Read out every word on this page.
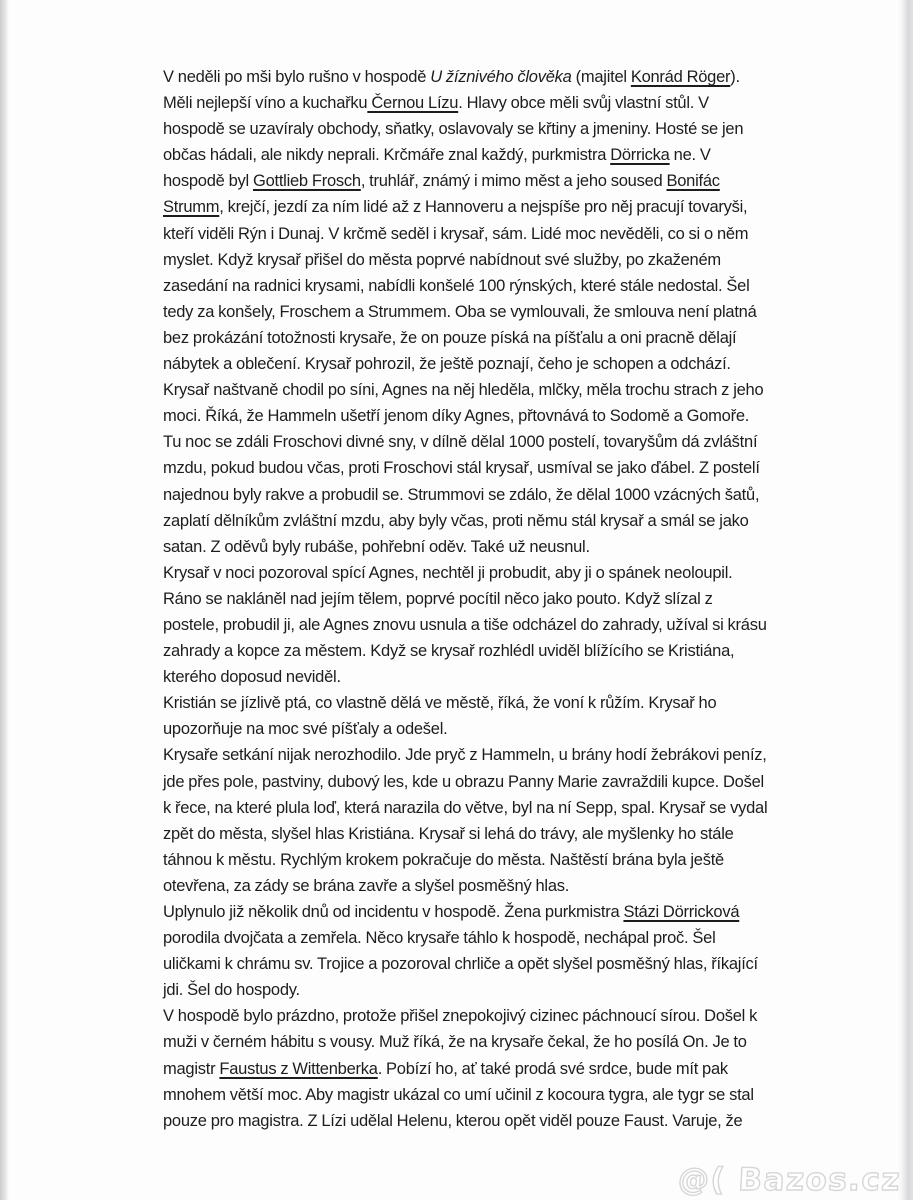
V neděli po mši bylo rušno v hospodě U žíznivého člověka (majitel Konrád Röger).
Měli nejlepší víno a kuchařku Černou Lízu. Hlavy obce měli svůj vlastní stůl. V
hospodě se uzavíraly obchody, sňatky, oslavovaly se křtiny a jmeniny. Hosté se jen
občas hádali, ale nikdy neprali. Krčmáře znal každý, purkmistra Dörricka ne. V
hospodě byl Gottlieb Frosch, truhlář, známý i mimo měst a jeho soused Bonifác
Strumm, krejčí, jezdí za ním lidé až z Hannoveru a nejspíše pro něj pracují tovaryši,
kteří viděli Rýn i Dunaj. V krčmě seděl i krysař, sám. Lidé moc nevěděli, co si o něm
myslet. Když krysař přišel do města poprvé nabídnout své služby, po zkaženém
zasedání na radnici krysami, nabídli konšelé 100 rýnských, které stále nedostal. Šel
tedy za konšely, Froschem a Strummem. Oba se vymlouvali, že smlouva není platná
bez prokázání totožnosti krysaře, že on pouze píská na píšťalu a oni pracně dělají
nábytek a oblečení. Krysař pohrozil, že ještě poznají, čeho je schopen a odchází.
Krysař naštvaně chodil po síni, Agnes na něj hleděla, mlčky, měla trochu strach z jeho
moci. Říká, že Hammeln ušetří jenom díky Agnes, přtovnává to Sodomě a Gomoře.
Tu noc se zdáli Froschovi divné sny, v dílně dělal 1000 postelí, tovaryšům dá zvláštní
mzdu, pokud budou včas, proti Froschovi stál krysař, usmíval se jako ďábel. Z postelí
najednou byly rakve a probudil se. Strummovi se zdálo, že dělal 1000 vzácných šatů,
zaplatí dělníkům zvláštní mzdu, aby byly včas, proti němu stál krysař a smál se jako
satan. Z oděvů byly rubáše, pohřební oděv. Také už neusnul.
Krysař v noci pozoroval spící Agnes, nechtěl ji probudit, aby ji o spánek neoloupil.
Ráno se nakláněl nad jejím tělem, poprvé pocítil něco jako pouto. Když slízal z
postele, probudil ji, ale Agnes znovu usnula a tiše odcházel do zahrady, užíval si krásu
zahrady a kopce za městem. Když se krysař rozhlédl uviděl blížícího se Kristiána,
kterého doposud neviděl.
Kristián se jízlivě ptá, co vlastně dělá ve městě, říká, že voní k růžím. Krysař ho
upozorňuje na moc své píšťaly a odešel.
Krysaře setkání nijak nerozhodilo. Jde pryč z Hammeln, u brány hodí žebrákovi peníz,
jde přes pole, pastviny, dubový les, kde u obrazu Panny Marie zavraždili kupce. Došel
k řece, na které plula loď, která narazila do větve, byl na ní Sepp, spal. Krysař se vydal
zpět do města, slyšel hlas Kristiána. Krysař si lehá do trávy, ale myšlenky ho stále
táhnou k městu. Rychlým krokem pokračuje do města. Naštěstí brána byla ještě
otevřena, za zády se brána zavře a slyšel posměšný hlas.
Uplynulo již několik dnů od incidentu v hospodě. Žena purkmistra Stázi Dörricková
porodila dvojčata a zemřela. Něco krysaře táhlo k hospodě, nechápal proč. Šel
uličkami k chrámu sv. Trojice a pozoroval chrliče a opět slyšel posměšný hlas, říkající
jdi. Šel do hospody.
V hospodě bylo prázdno, protože přišel znepokojivý cizinec páchnoucí sírou. Došel k
muži v černém hábitu s vousy. Muž říká, že na krysaře čekal, že ho posílá On. Je to
magistr Faustus z Wittenberka. Pobízí ho, ať také prodá své srdce, bude mít pak
mnohem větší moc. Aby magistr ukázal co umí učinil z kocoura tygra, ale tygr se stal
pouze pro magistra. Z Lízi udělal Helenu, kterou opět viděl pouze Faust. Varuje, že
@( Bazos.cz
